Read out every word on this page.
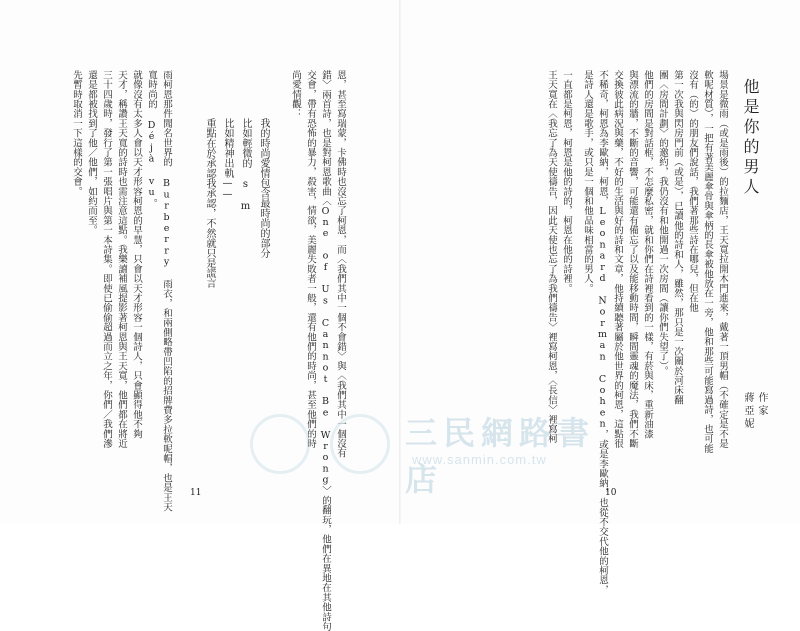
他是你的男人
作家
蔣亞妮
場景是微雨（或是雨後）的拉麵店，王天寬拉開木門進來，戴著一頂男帽（不確定是不是
軟呢材質），一把有著美麗傘骨與傘柄的長傘被他放在一旁，他和那些可能寫過詩，也可能
沒有（的）的朋友們說話，我們著那些詩在哪兒，但在他
第一次我與閃房門前（或是），已讀他的詩和人，雖然，那只是一次關於河床翻
團〈房間計劃〉的邀約，我仍沒有和他開過一次房間（讓你們失望了）。
他們的房間是對話框，不怎麼私密，就和你們在詩裡看到的一樣，有菸與床，重新油漆
與漂流的牆，不斷的音響，可能還有備忘了以及能移動時間，瞬間靈魂的魔法，我們不斷
交換彼此病況與藥，不好的生活與好的詩和文章，他持續聽著屬於他世界的柯恩，這點很
不稀奇，柯恩為李歐納，柯恩，Leonard Norman Cohen，或是李歐納，也從不交代他的柯恩，
是詩人還是歌手，或只是一個和他品味相當的男人。
一直都是柯恩，柯恩是他的詩的，柯恩在他的詩裡。
王天寬在〈我忘了為天使禱告，因此天使也忘了為我們禱告〉裡寫柯恩，〈長信〉裡寫柯
10
恩，甚至寫瑞蒙，卡佛時也沒忘了柯恩，而〈我們其中一個不會錯〉與〈我們其中一個沒有
錯〉兩首詩，也是對柯恩歌曲〈One of Us Cannot Be Wrong〉的翻玩，他們在異地在其他詩句
交會，帶有恐怖的暴力，殺害，情欲，美麗失敗者一般，還有他們的時尚，甚至他們的時
尚愛情觀：
我的時尚愛情包含最時尚的部分
比如輕微的 s m
比如精神出軌——
重點在於承認我承認，不然就只是謊言
雨柯恩那件聞名世界的 Burberry 雨衣，和兩側略帶凹陷的招牌費多拉軟呢帽，也是王天
寬時尚的 Déjà vu。
就像沒有太多人會以天才形容柯恩的早慧，只會以天才形容一個詩人，只會顯得他不夠
天才，稱讚王天寬的詩時也需注意這點。我樂讀補風提影著柯恩與王天寬，他們都在將近
三十四歲時，發行了第一張唱片與第一本詩集。即使已偷偷超過而立之年，你們／我們滲
還是都被找到了他／他們，如約而至。
先暫時取消一下這樣的交會。
11
三民網路書店
www.sanmin.com.tw
